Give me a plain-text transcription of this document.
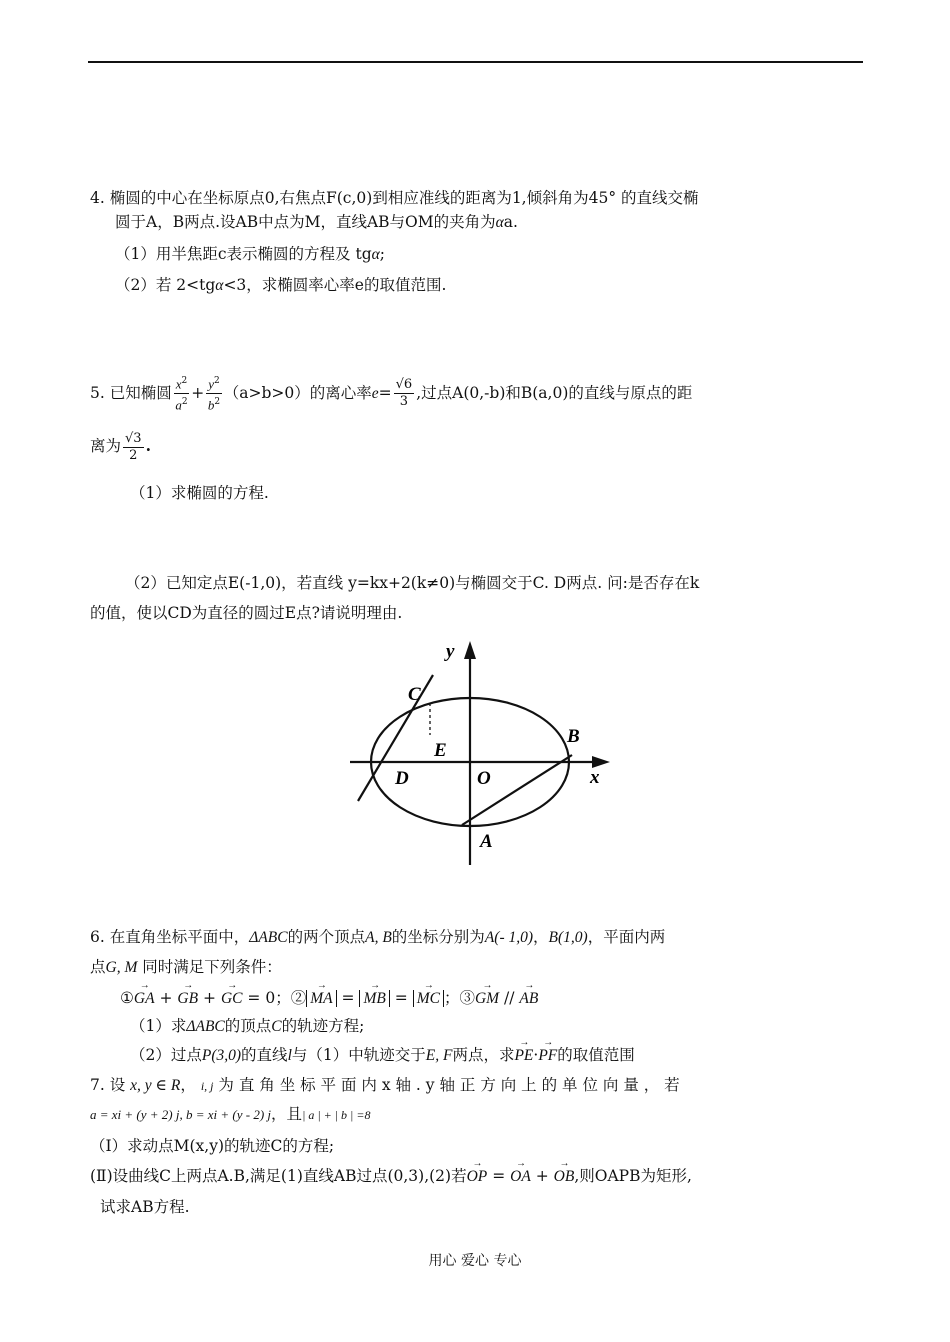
4. 椭圆的中心在坐标原点0,右焦点F(c,0)到相应准线的距离为1,倾斜角为45° 的直线交椭
圆于A，B两点.设AB中点为M，直线AB与OM的夹角为αa.
（1）用半焦距c表示椭圆的方程及 tgα;
（2）若 2<tgα<3，求椭圆率心率e的取值范围.
5. 已知椭圆 $\frac{x^2}{a^2} + \frac{y^2}{b^2} (a>b>0)$的离心率$e= \frac{√6}{3}$ ,过点A(0,-b)和B(a,0)的直线与原点的距
离为 $\frac{√3}{2}$ .
（1）求椭圆的方程.
（2）已知定点E(-1,0)，若直线 y=kx+2(k≠0)与椭圆交于C. D两点. 问:是否存在k
的值，使以CD为直径的圆过E点?请说明理由.
y
x
C
B
E
D	O
A
6. 在直角坐标平面中，ΔABC的两个顶点A, B的坐标分别为A(- 1,0)，B(1,0)，平面内两
点G, M 同时满足下列条件：
①→ GA + → GB + → GC = 0；② → MA = → MB = → MC ；③→ GM // → AB
（1）求ΔABC的顶点C的轨迹方程;
（2）过点P(3,0)的直线l与（1）中轨迹交于E, F两点，求→ PE·→ PF的取值范围
7. 设 x, y ∈ R， i, j 为 直 角 坐 标 平 面 内 x 轴 . y 轴 正 方 向 上 的 单 位 向 量 ， 若
a = xi + (y + 2) j, b = xi + (y - 2) j，且| a | + | b | =8
（Ⅰ）求动点M(x,y)的轨迹C的方程;
(Ⅱ)设曲线C上两点A.B,满足(1)直线AB过点(0,3),(2)若→ OP = → OA + → OB,则OAPB为矩形,
试求AB方程.
用心 爱心 专心
